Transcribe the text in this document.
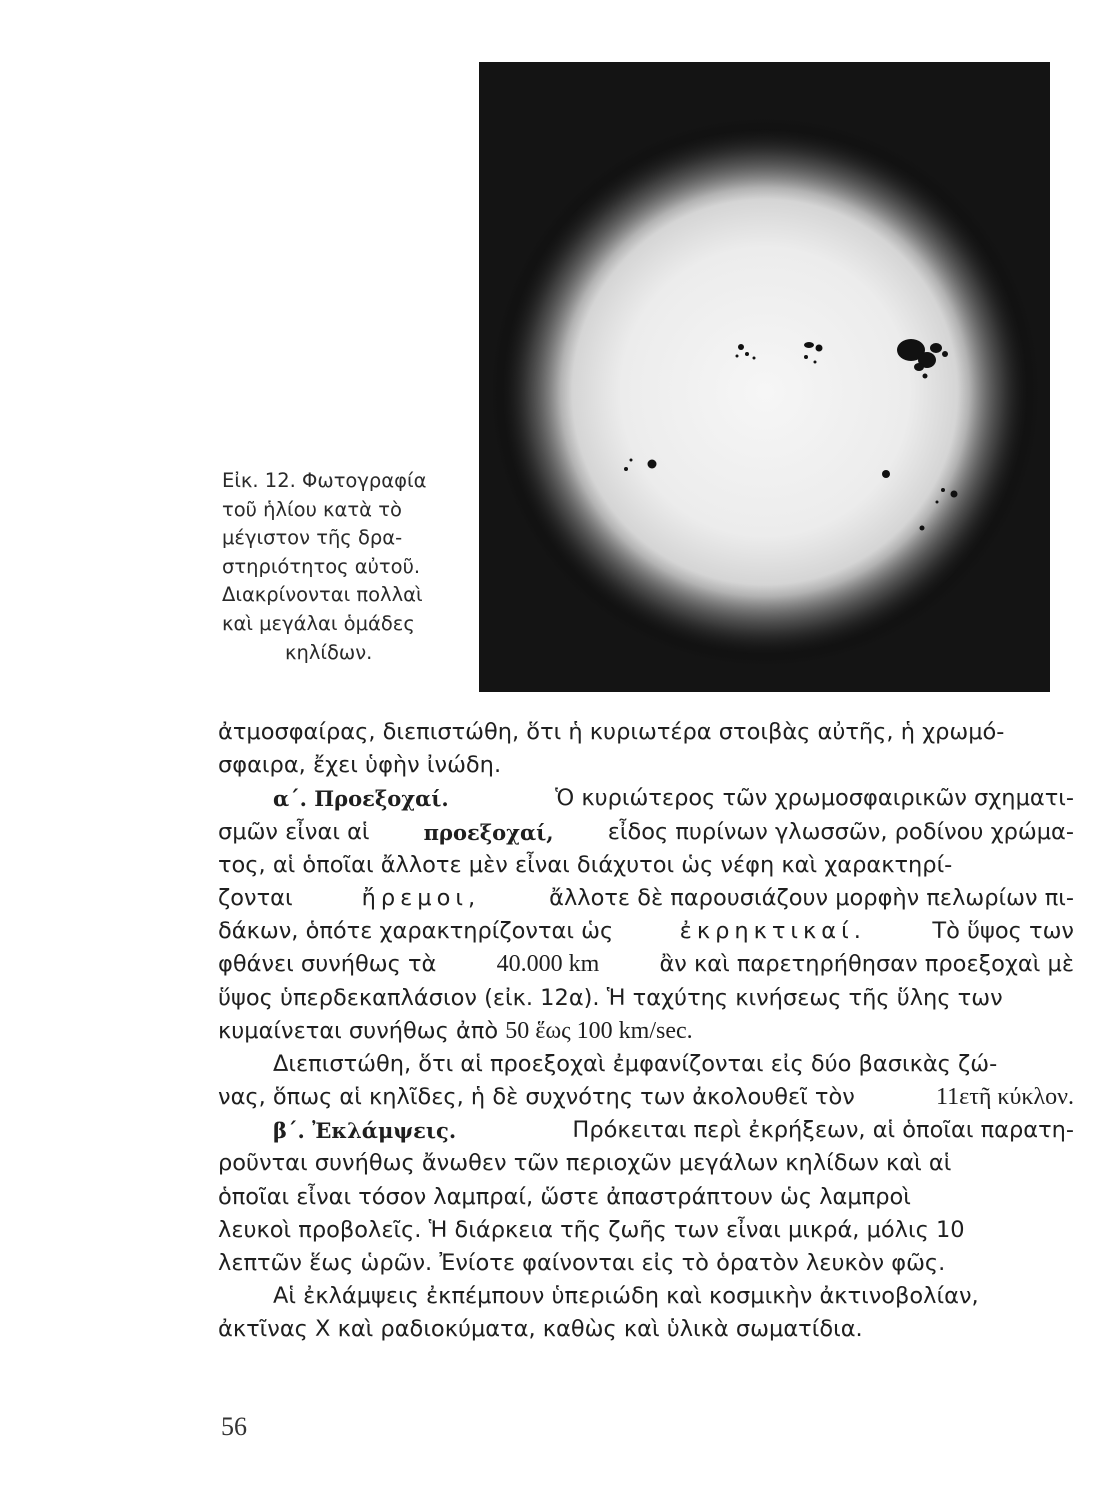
Εἰκ. 12. Φωτογραφία
τοῦ ἡλίου κατὰ τὸ
μέγιστον τῆς δρα-
στηριότητος αὐτοῦ.
Διακρίνονται πολλαὶ
καὶ μεγάλαι ὁμάδες
κηλίδων.
ἀτμοσφαίρας, διεπιστώθη, ὅτι ἡ κυριωτέρα στοιβὰς αὐτῆς, ἡ χρωμό-
σφαιρα, ἔχει ὑφὴν ἰνώδη.
α΄. Προεξοχαί.	Ὁ κυριώτερος τῶν χρωμοσφαιρικῶν σχηματι-
σμῶν εἶναι αἱ	προεξοχαί, εἶδος πυρίνων γλωσσῶν, ροδίνου χρώμα-
τος, αἱ ὁποῖαι ἄλλοτε μὲν εἶναι διάχυτοι ὡς νέφη καὶ χαρακτηρί-
ζονται	ἤρεμοι,	ἄλλοτε δὲ παρουσιάζουν μορφὴν πελωρίων πι-
δάκων, ὁπότε χαρακτηρίζονται ὡς	ἐκρηκτικαί.	Τὸ ὕψος των
φθάνει συνήθως τὰ	40.000 km	ἂν καὶ παρετηρήθησαν προεξοχαὶ μὲ
ὕψος ὑπερδεκαπλάσιον (εἰκ. 12α). Ἡ ταχύτης κινήσεως τῆς ὕλης των
κυμαίνεται συνήθως ἀπὸ
50 ἕως 100 km/sec.
Διεπιστώθη, ὅτι αἱ προεξοχαὶ ἐμφανίζονται εἰς δύο βασικὰς ζώ-
νας, ὅπως αἱ κηλῖδες, ἡ δὲ συχνότης των ἀκολουθεῖ τὸν	11ετῆ κύκλον.
β΄. Ἐκλάμψεις.	Πρόκειται περὶ ἐκρήξεων, αἱ ὁποῖαι παρατη-
ροῦνται συνήθως ἄνωθεν τῶν περιοχῶν μεγάλων κηλίδων καὶ αἱ
ὁποῖαι εἶναι τόσον λαμπραί, ὥστε ἀπαστράπτουν ὡς λαμπροὶ
λευκοὶ προβολεῖς. Ἡ διάρκεια τῆς ζωῆς των εἶναι μικρά, μόλις 10
λεπτῶν ἕως ὡρῶν. Ἐνίοτε φαίνονται εἰς τὸ ὁρατὸν λευκὸν φῶς.
Αἱ ἐκλάμψεις ἐκπέμπουν ὑπεριώδη καὶ κοσμικὴν ἀκτινοβολίαν,
ἀκτῖνας Χ καὶ ραδιοκύματα, καθὼς καὶ ὑλικὰ σωματίδια.
56
